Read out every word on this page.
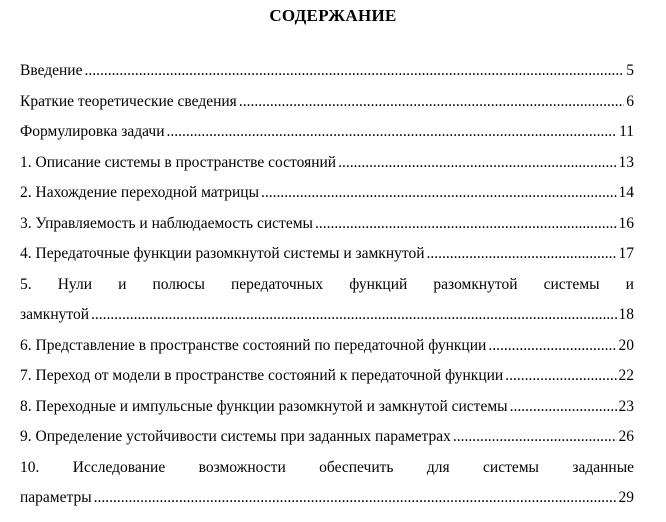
СОДЕРЖАНИЕ
Введение .....	5
Краткие теоретические сведения .....	6
Формулировка задачи .....	11
1. Описание системы в пространстве состояний .....	13
2. Нахождение переходной матрицы .....	14
3. Управляемость и наблюдаемость системы .....	16
4. Передаточные функции разомкнутой системы и замкнутой .....	17
5. Нули и полюсы передаточных функций разомкнутой системы и
замкнутой .....	18
6. Представление в пространстве состояний по передаточной функции .....	20
7. Переход от модели в пространстве состояний к передаточной функции .....	22
8. Переходные и импульсные функции разомкнутой и замкнутой системы .....	23
9. Определение устойчивости системы при заданных параметрах .....	26
10. Исследование возможности обеспечить для системы заданные
параметры .....	29
